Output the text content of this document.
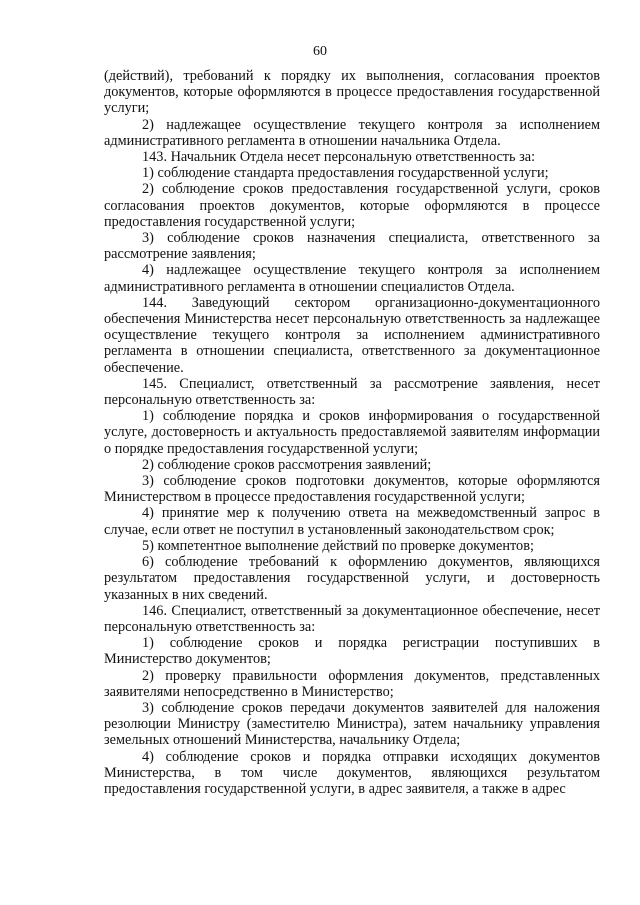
60

(действий), требований к порядку их выполнения, согласования проектов документов, которые оформляются в процессе предоставления государственной услуги;

2) надлежащее осуществление текущего контроля за исполнением административного регламента в отношении начальника Отдела.

143. Начальник Отдела несет персональную ответственность за:

1) соблюдение стандарта предоставления государственной услуги;

2) соблюдение сроков предоставления государственной услуги, сроков согласования проектов документов, которые оформляются в процессе предоставления государственной услуги;

3) соблюдение сроков назначения специалиста, ответственного за рассмотрение заявления;

4) надлежащее осуществление текущего контроля за исполнением административного регламента в отношении специалистов Отдела.

144. Заведующий сектором организационно-документационного обеспечения Министерства несет персональную ответственность за надлежащее осуществление текущего контроля за исполнением административного регламента в отношении специалиста, ответственного за документационное обеспечение.

145. Специалист, ответственный за рассмотрение заявления, несет персональную ответственность за:

1) соблюдение порядка и сроков информирования о государственной услуге, достоверность и актуальность предоставляемой заявителям информации о порядке предоставления государственной услуги;

2) соблюдение сроков рассмотрения заявлений;

3) соблюдение сроков подготовки документов, которые оформляются Министерством в процессе предоставления государственной услуги;

4) принятие мер к получению ответа на межведомственный запрос в случае, если ответ не поступил в установленный законодательством срок;

5) компетентное выполнение действий по проверке документов;

6) соблюдение требований к оформлению документов, являющихся результатом предоставления государственной услуги, и достоверность указанных в них сведений.

146. Специалист, ответственный за документационное обеспечение, несет персональную ответственность за:

1) соблюдение сроков и порядка регистрации поступивших в Министерство документов;

2) проверку правильности оформления документов, представленных заявителями непосредственно в Министерство;

3) соблюдение сроков передачи документов заявителей для наложения резолюции Министру (заместителю Министра), затем начальнику управления земельных отношений Министерства, начальнику Отдела;

4) соблюдение сроков и порядка отправки исходящих документов Министерства, в том числе документов, являющихся результатом предоставления государственной услуги, в адрес заявителя, а также в адрес
